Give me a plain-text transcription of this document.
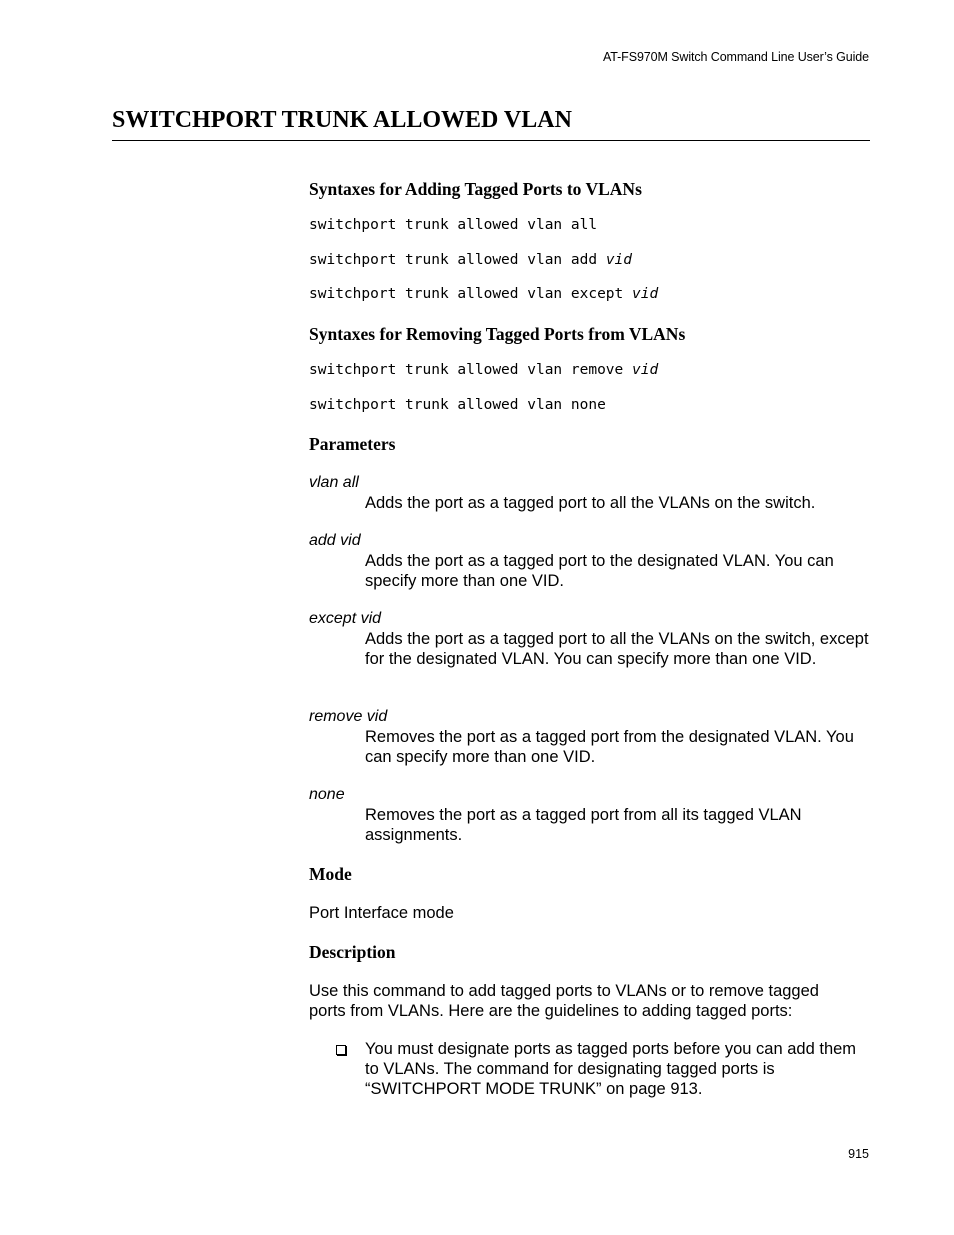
AT-FS970M Switch Command Line User’s Guide
SWITCHPORT TRUNK ALLOWED VLAN
Syntaxes for Adding Tagged Ports to VLANs
switchport trunk allowed vlan all
switchport trunk allowed vlan add vid
switchport trunk allowed vlan except vid
Syntaxes for Removing Tagged Ports from VLANs
switchport trunk allowed vlan remove vid
switchport trunk allowed vlan none
Parameters
vlan all
Adds the port as a tagged port to all the VLANs on the switch.
add vid
Adds the port as a tagged port to the designated VLAN. You can specify more than one VID.
except vid
Adds the port as a tagged port to all the VLANs on the switch, except for the designated VLAN. You can specify more than one VID.
remove vid
Removes the port as a tagged port from the designated VLAN. You can specify more than one VID.
none
Removes the port as a tagged port from all its tagged VLAN assignments.
Mode
Port Interface mode
Description
Use this command to add tagged ports to VLANs or to remove tagged ports from VLANs. Here are the guidelines to adding tagged ports:
You must designate ports as tagged ports before you can add them to VLANs. The command for designating tagged ports is “SWITCHPORT MODE TRUNK” on page 913.
915
